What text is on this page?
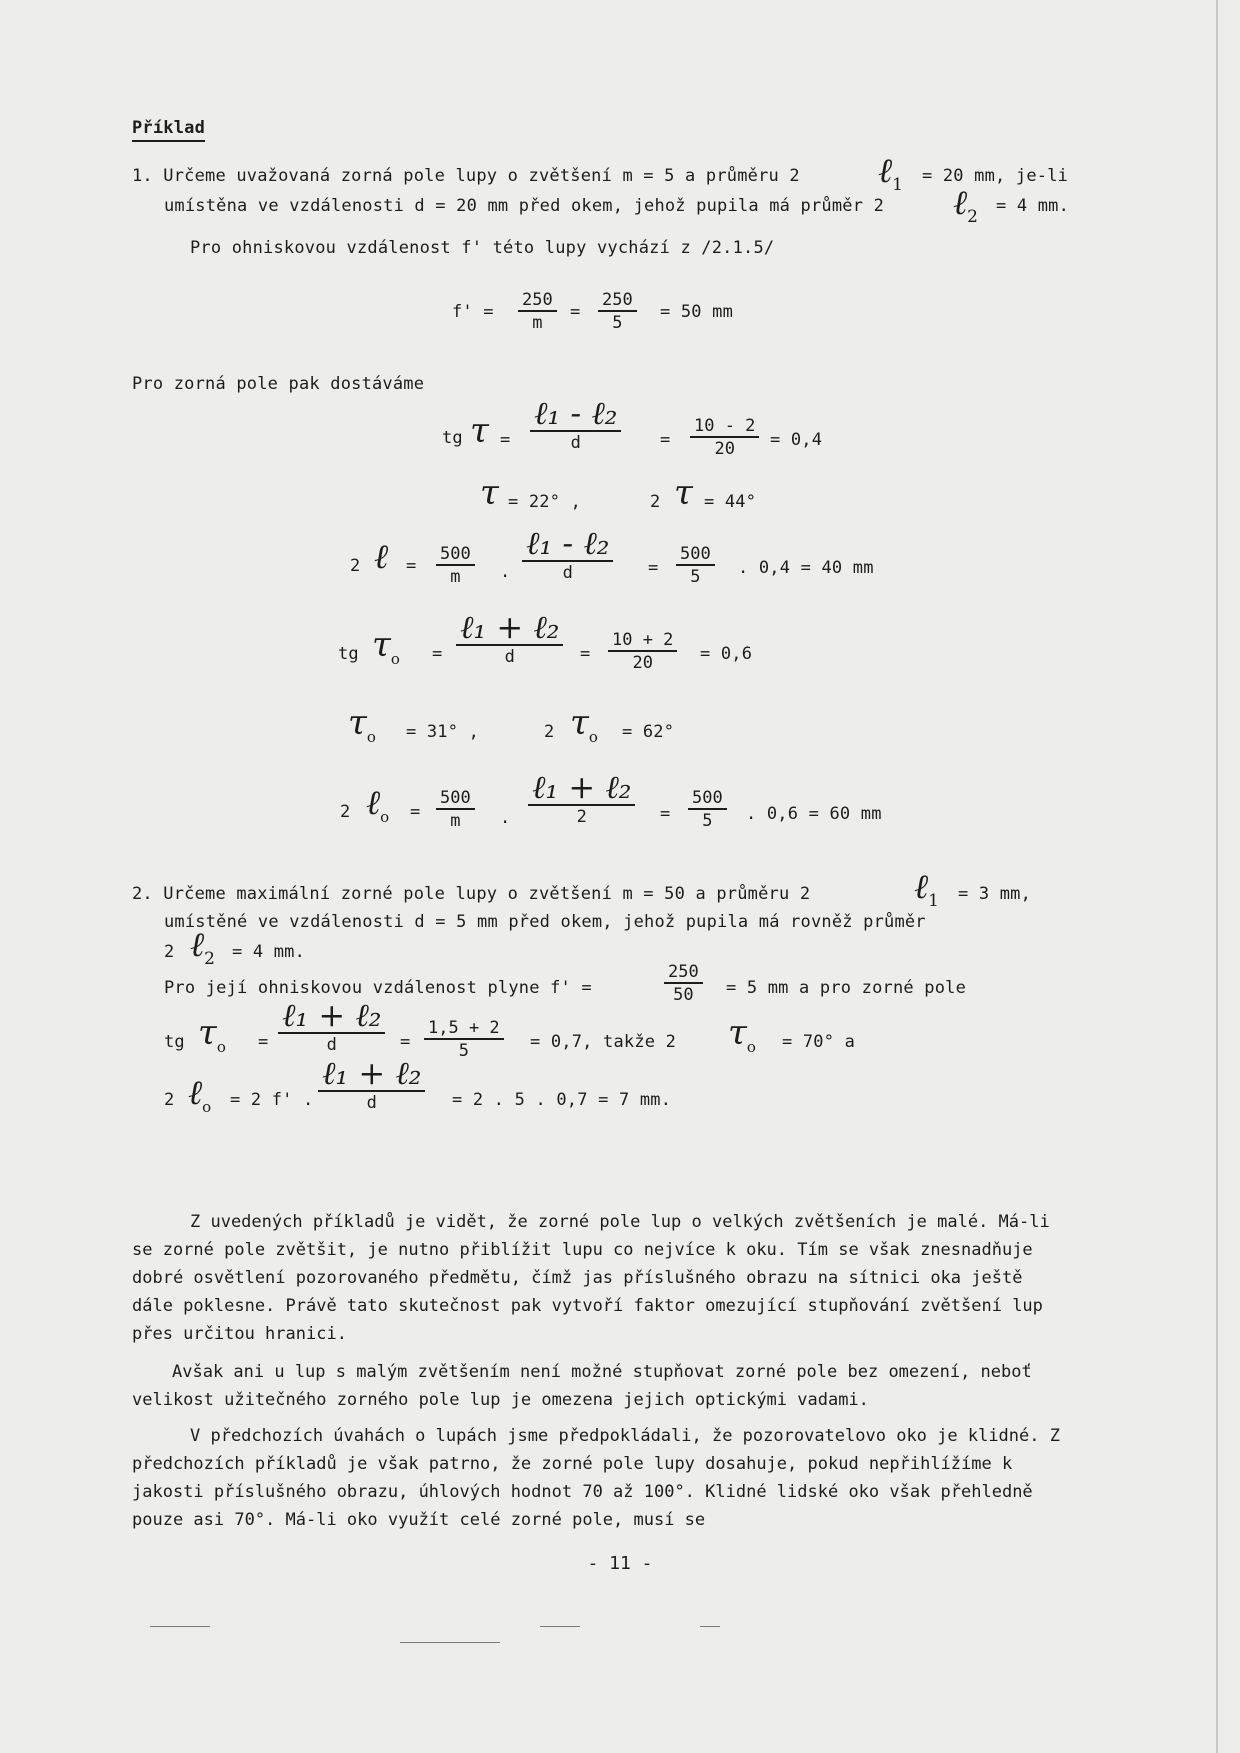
Příklad
1. Určeme uvažovaná zorná pole lupy o zvětšení m = 5 a průměru 2 ℓ$_1$ = 20 mm, je-li
umístěna ve vzdálenosti d = 20 mm před okem, jehož pupila má průměr 2 ℓ$_2$
= 4 mm.
Pro ohniskovou vzdálenost f' této lupy vychází z /2.1.5/
f' =
250
m
=
250
5
= 50 mm
Pro zorná pole pak dostáváme
tg τ =
ℓ₁ - ℓ₂
d	=
10 - 2
20 = 0,4
τ = 22° ,	2 τ = 44°
2 ℓ =
500
m .
ℓ₁ - ℓ₂
d	=
500
5 . 0,4 = 40 mm
tg $\tau_o$ =
ℓ₁ + ℓ₂
d	=
10 + 2
20	= 0,6
$\tau_o = 31^\circ$ ,	2 $\tau_o = 62^\circ$
2 ℓ$_o$ =
500
m .
ℓ₁ + ℓ₂
2	=
500
5 . 0,6 = 60 mm
2. Určeme maximální zorné pole lupy o zvětšení m = 50 a průměru 2	ℓ$_1$ = 3 mm,
umístěné ve vzdálenosti d = 5 mm před okem, jehož pupila má rovněž průměr
2 ℓ$_2$ = 4 mm.
Pro její ohniskovou vzdálenost plyne f' =
250
50 = 5 mm a pro zorné pole
tg $\tau_o$ =
ℓ₁ + ℓ₂
d	=
1,5 + 2
5	= 0,7, takže 2 $\tau_o = 70^\circ$ a
2 ℓ$_o$ = 2 f' .
ℓ₁ + ℓ₂
d	= 2 . 5 . 0,7 = 7 mm.
Z uvedených příkladů je vidět, že zorné pole lup o velkých zvětšeních je malé. Má-li se zorné pole zvětšit, je nutno přiblížit lupu co nejvíce k oku. Tím se však znesnadňuje dobré osvětlení pozorovaného předmětu, čímž jas příslušného obrazu na sítnici oka ještě dále poklesne. Právě tato skutečnost pak vytvoří faktor omezující stupňování zvětšení lup přes určitou hranici.
Avšak ani u lup s malým zvětšením není možné stupňovat zorné pole bez omezení, neboť velikost užitečného zorného pole lup je omezena jejich optickými vadami.
V předchozích úvahách o lupách jsme předpokládali, že pozorovatelovo oko je klidné. Z předchozích příkladů je však patrno, že zorné pole lupy dosahuje, pokud nepřihlížíme k jakosti příslušného obrazu, úhlových hodnot 70 až 100°. Klidné lidské oko však přehledně pouze asi 70°. Má-li oko využít celé zorné pole, musí se
- 11 -
